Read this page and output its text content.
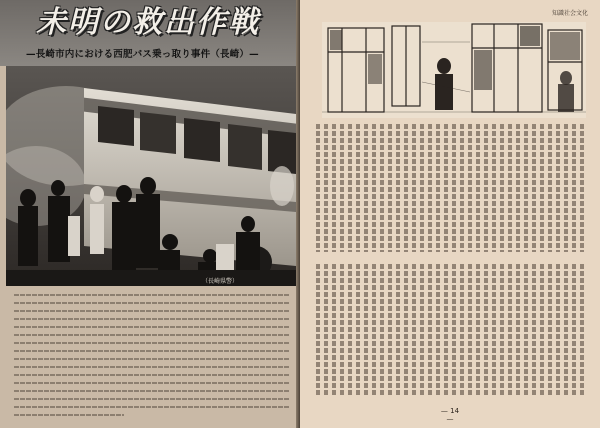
未明の救出作戦
—長崎市内における西肥バス乗っ取り事件（長崎）—
（長崎県警）
知識社会文化
— 14 —
